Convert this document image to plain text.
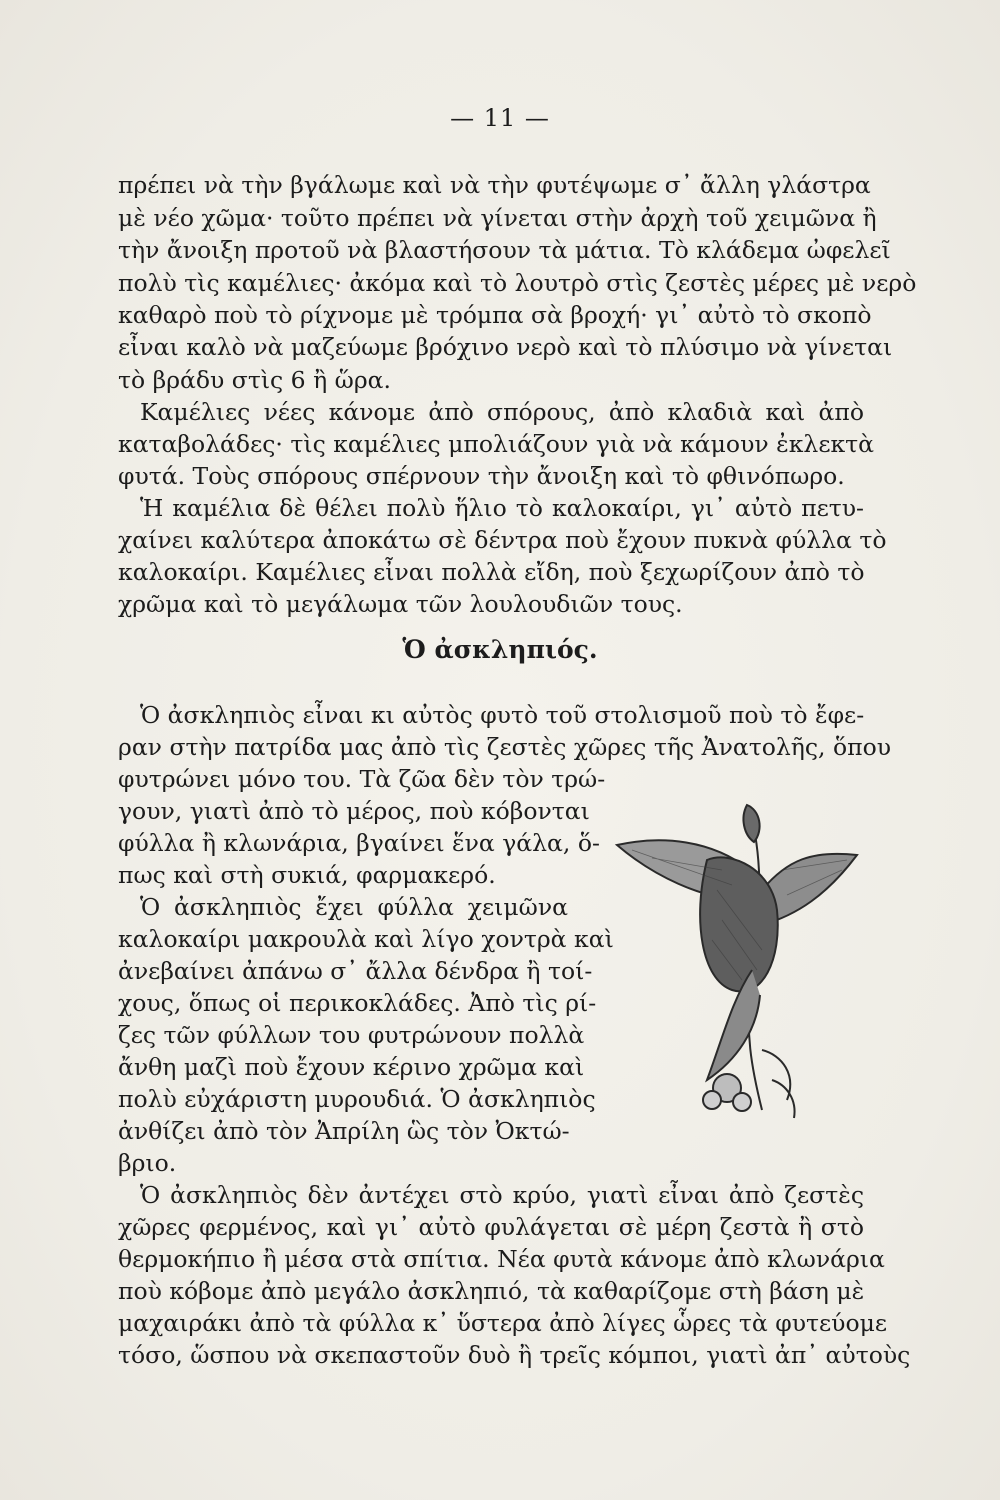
— 11 —

πρέπει νὰ τὴν βγάλωμε καὶ νὰ τὴν φυτέψωμε σ᾽ ἄλλη γλάστρα

μὲ νέο χῶμα· τοῦτο πρέπει νὰ γίνεται στὴν ἀρχὴ τοῦ χειμῶνα ἢ

τὴν ἄνοιξη προτοῦ νὰ βλαστήσουν τὰ μάτια. Τὸ κλάδεμα ὠφελεῖ

πολὺ τὶς καμέλιες· ἀκόμα καὶ τὸ λουτρὸ στὶς ζεστὲς μέρες μὲ νερὸ

καθαρὸ ποὺ τὸ ρίχνομε μὲ τρόμπα σὰ βροχή· γι᾽ αὐτὸ τὸ σκοπὸ

εἶναι καλὸ νὰ μαζεύωμε βρόχινο νερὸ καὶ τὸ πλύσιμο νὰ γίνεται

τὸ βράδυ στὶς 6 ἢ ὥρα.

Καμέλιες νέες κάνομε ἀπὸ σπόρους, ἀπὸ κλαδιὰ καὶ ἀπὸ

καταβολάδες· τὶς καμέλιες μπολιάζουν γιὰ νὰ κάμουν ἐκλεκτὰ

φυτά. Τοὺς σπόρους σπέρνουν τὴν ἄνοιξη καὶ τὸ φθινόπωρο.

Ἡ καμέλια δὲ θέλει πολὺ ἥλιο τὸ καλοκαίρι, γι᾽ αὐτὸ πετυ-

χαίνει καλύτερα ἀποκάτω σὲ δέντρα ποὺ ἔχουν πυκνὰ φύλλα τὸ

καλοκαίρι. Καμέλιες εἶναι πολλὰ εἴδη, ποὺ ξεχωρίζουν ἀπὸ τὸ

χρῶμα καὶ τὸ μεγάλωμα τῶν λουλουδιῶν τους.

Ὁ ἀσκληπιός.

Ὁ ἀσκληπιὸς εἶναι κι αὐτὸς φυτὸ τοῦ στολισμοῦ ποὺ τὸ ἔφε-

ραν στὴν πατρίδα μας ἀπὸ τὶς ζεστὲς χῶρες τῆς Ἀνατολῆς, ὅπου

φυτρώνει μόνο του. Τὰ ζῶα δὲν τὸν τρώ-

γουν, γιατὶ ἀπὸ τὸ μέρος, ποὺ κόβονται

φύλλα ἢ κλωνάρια, βγαίνει ἕνα γάλα, ὅ-

πως καὶ στὴ συκιά, φαρμακερό.

Ὁ ἀσκληπιὸς ἔχει φύλλα χειμῶνα

καλοκαίρι μακρουλὰ καὶ λίγο χοντρὰ καὶ

ἀνεβαίνει ἀπάνω σ᾽ ἄλλα δένδρα ἢ τοί-

χους, ὅπως οἱ περικοκλάδες. Ἀπὸ τὶς ρί-

ζες τῶν φύλλων του φυτρώνουν πολλὰ

ἄνθη μαζὶ ποὺ ἔχουν κέρινο χρῶμα καὶ

πολὺ εὐχάριστη μυρουδιά. Ὁ ἀσκληπιὸς

ἀνθίζει ἀπὸ τὸν Ἀπρίλη ὣς τὸν Ὀκτώ-

βριο.

Ὁ ἀσκληπιὸς δὲν ἀντέχει στὸ κρύο, γιατὶ εἶναι ἀπὸ ζεστὲς

χῶρες φερμένος, καὶ γι᾽ αὐτὸ φυλάγεται σὲ μέρη ζεστὰ ἢ στὸ

θερμοκήπιο ἢ μέσα στὰ σπίτια. Νέα φυτὰ κάνομε ἀπὸ κλωνάρια

ποὺ κόβομε ἀπὸ μεγάλο ἀσκληπιό, τὰ καθαρίζομε στὴ βάση μὲ

μαχαιράκι ἀπὸ τὰ φύλλα κ᾽ ὕστερα ἀπὸ λίγες ὧρες τὰ φυτεύομε

τόσο, ὥσπου νὰ σκεπαστοῦν δυὸ ἢ τρεῖς κόμποι, γιατὶ ἀπ᾽ αὐτοὺς
